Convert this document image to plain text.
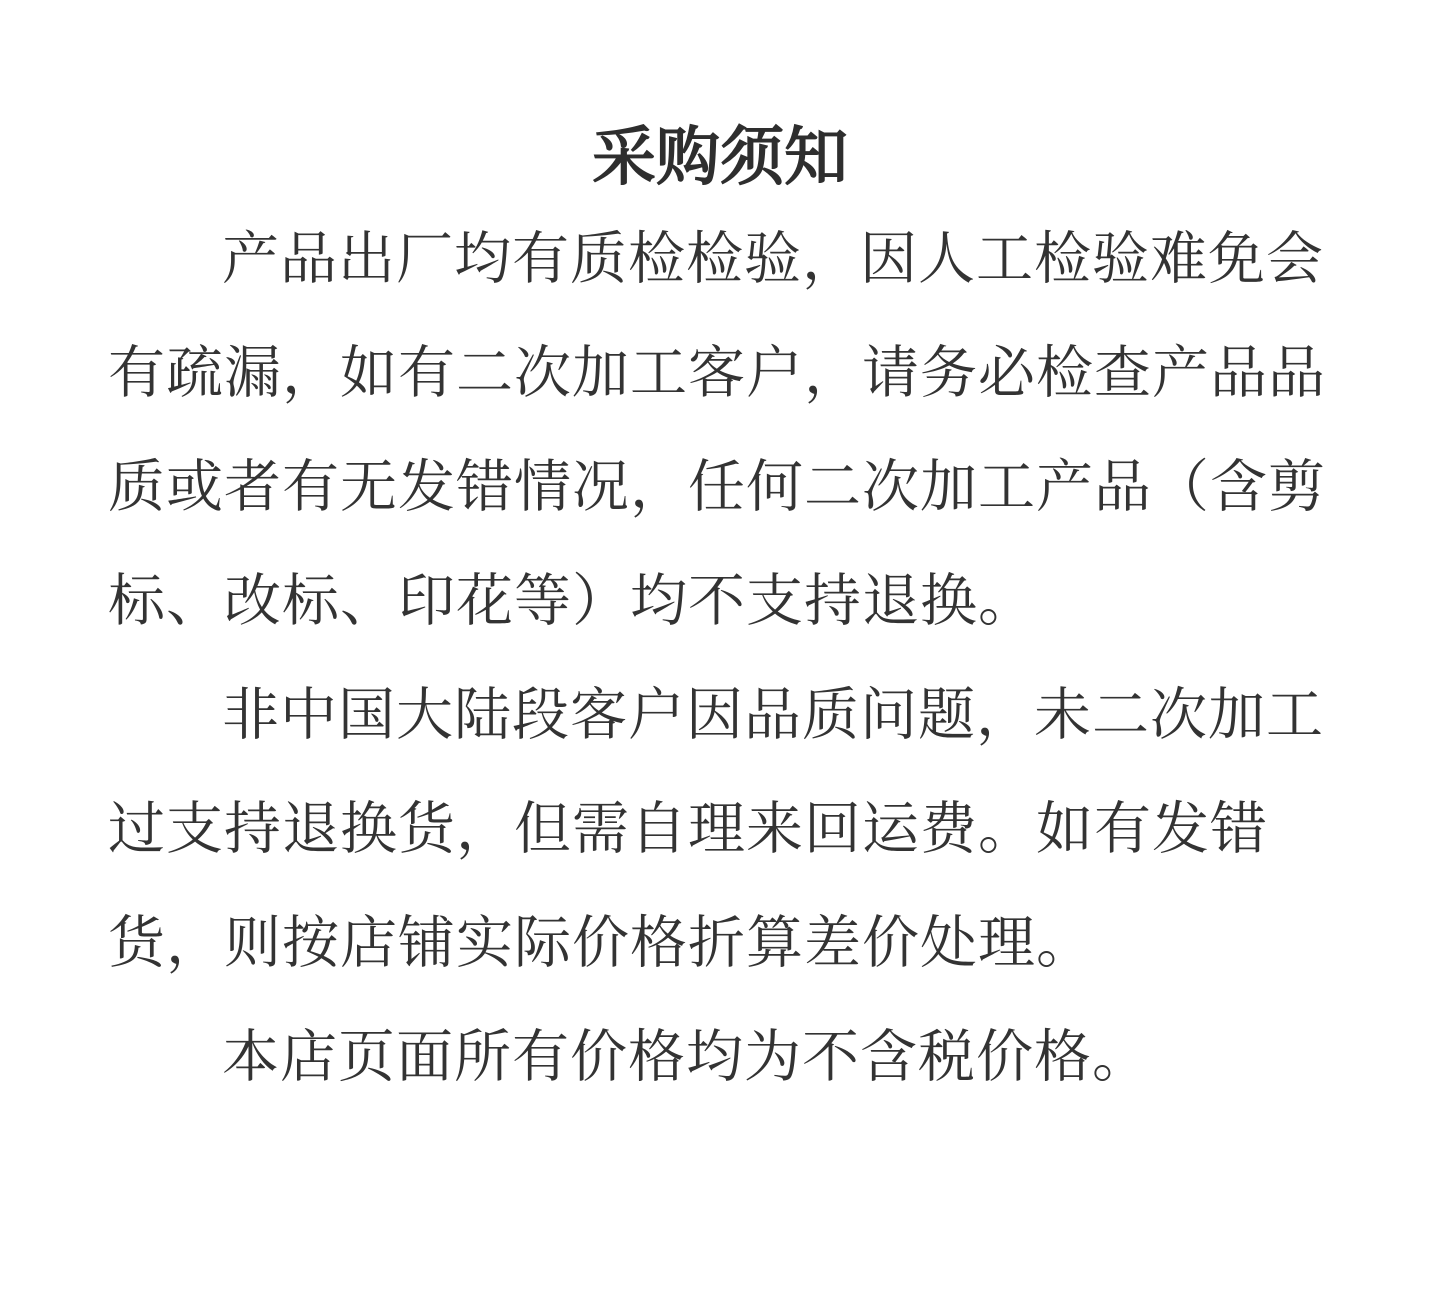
采购须知

产品出厂均有质检检验，因人工检验难免会有疏漏，如有二次加工客户，请务必检查产品品质或者有无发错情况，任何二次加工产品（含剪标、改标、印花等）均不支持退换。

非中国大陆段客户因品质问题，未二次加工过支持退换货，但需自理来回运费。如有发错货，则按店铺实际价格折算差价处理。

本店页面所有价格均为不含税价格。
